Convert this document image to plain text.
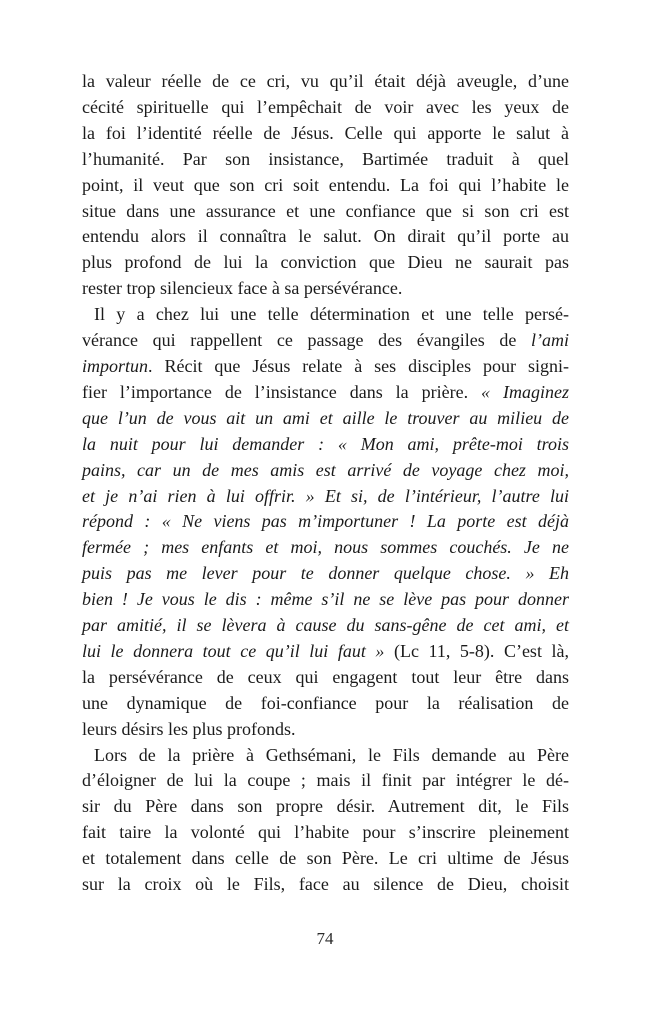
la valeur réelle de ce cri, vu qu’il était déjà aveugle, d’une
cécité spirituelle qui l’empêchait de voir avec les yeux de
la foi l’identité réelle de Jésus. Celle qui apporte le salut à
l’humanité. Par son insistance, Bartimée traduit à quel
point, il veut que son cri soit entendu. La foi qui l’habite le
situe dans une assurance et une confiance que si son cri est
entendu alors il connaîtra le salut. On dirait qu’il porte au
plus profond de lui la conviction que Dieu ne saurait pas
rester trop silencieux face à sa persévérance.
Il y a chez lui une telle détermination et une telle persé-
vérance qui rappellent ce passage des évangiles de l’ami
importun. Récit que Jésus relate à ses disciples pour signi-
fier l’importance de l’insistance dans la prière. « Imaginez
que l’un de vous ait un ami et aille le trouver au milieu de
la nuit pour lui demander : « Mon ami, prête-moi trois
pains, car un de mes amis est arrivé de voyage chez moi,
et je n’ai rien à lui offrir. » Et si, de l’intérieur, l’autre lui
répond : « Ne viens pas m’importuner ! La porte est déjà
fermée ; mes enfants et moi, nous sommes couchés. Je ne
puis pas me lever pour te donner quelque chose. » Eh
bien ! Je vous le dis : même s’il ne se lève pas pour donner
par amitié, il se lèvera à cause du sans-gêne de cet ami, et
lui le donnera tout ce qu’il lui faut » (Lc 11, 5-8). C’est là,
la persévérance de ceux qui engagent tout leur être dans
une dynamique de foi-confiance pour la réalisation de
leurs désirs les plus profonds.
Lors de la prière à Gethsémani, le Fils demande au Père
d’éloigner de lui la coupe ; mais il finit par intégrer le dé-
sir du Père dans son propre désir. Autrement dit, le Fils
fait taire la volonté qui l’habite pour s’inscrire pleinement
et totalement dans celle de son Père. Le cri ultime de Jésus
sur la croix où le Fils, face au silence de Dieu, choisit
74
